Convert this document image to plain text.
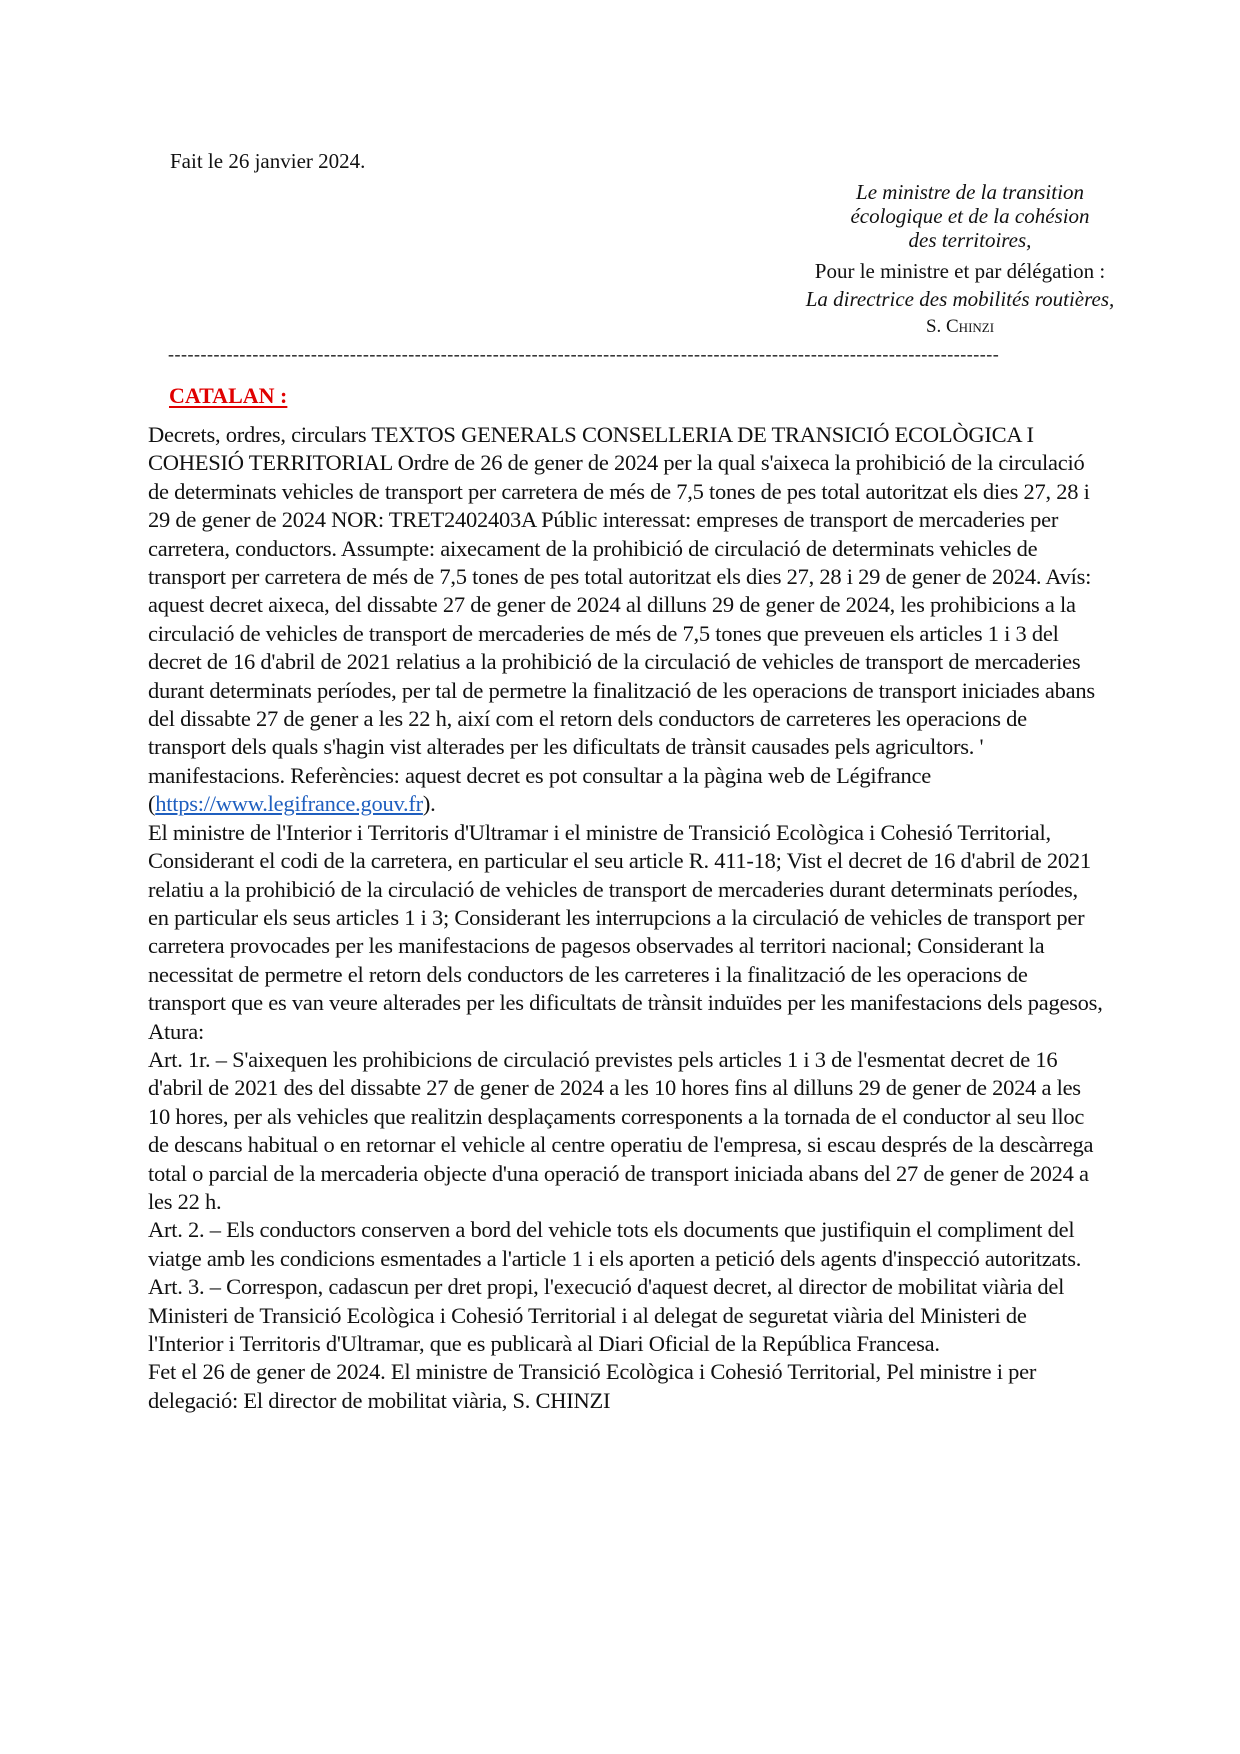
Fait le 26 janvier 2024.
Le ministre de la transition
écologique et de la cohésion
des territoires,
Pour le ministre et par délégation :
La directrice des mobilités routières,
S. Chinzi
--------------------------------------------------------------------------------------------------------------------------------
CATALAN :

Decrets, ordres, circulars TEXTOS GENERALS CONSELLERIA DE TRANSICIÓ ECOLÒGICA I COHESIÓ TERRITORIAL Ordre de 26 de gener de 2024 per la qual s'aixeca la prohibició de la circulació de determinats vehicles de transport per carretera de més de 7,5 tones de pes total autoritzat els dies 27, 28 i 29 de gener de 2024 NOR: TRET2402403A Públic interessat: empreses de transport de mercaderies per carretera, conductors. Assumpte: aixecament de la prohibició de circulació de determinats vehicles de transport per carretera de més de 7,5 tones de pes total autoritzat els dies 27, 28 i 29 de gener de 2024. Avís: aquest decret aixeca, del dissabte 27 de gener de 2024 al dilluns 29 de gener de 2024, les prohibicions a la circulació de vehicles de transport de mercaderies de més de 7,5 tones que preveuen els articles 1 i 3 del decret de 16 d'abril de 2021 relatius a la prohibició de la circulació de vehicles de transport de mercaderies durant determinats períodes, per tal de permetre la finalització de les operacions de transport iniciades abans del dissabte 27 de gener a les 22 h, així com el retorn dels conductors de carreteres les operacions de transport dels quals s'hagin vist alterades per les dificultats de trànsit causades pels agricultors. ' manifestacions. Referències: aquest decret es pot consultar a la pàgina web de Légifrance (https://www.legifrance.gouv.fr).

El ministre de l'Interior i Territoris d'Ultramar i el ministre de Transició Ecològica i Cohesió Territorial, Considerant el codi de la carretera, en particular el seu article R. 411-18; Vist el decret de 16 d'abril de 2021 relatiu a la prohibició de la circulació de vehicles de transport de mercaderies durant determinats períodes, en particular els seus articles 1 i 3; Considerant les interrupcions a la circulació de vehicles de transport per carretera provocades per les manifestacions de pagesos observades al territori nacional; Considerant la necessitat de permetre el retorn dels conductors de les carreteres i la finalització de les operacions de transport que es van veure alterades per les dificultats de trànsit induïdes per les manifestacions dels pagesos, Atura:

Art. 1r. – S'aixequen les prohibicions de circulació previstes pels articles 1 i 3 de l'esmentat decret de 16 d'abril de 2021 des del dissabte 27 de gener de 2024 a les 10 hores fins al dilluns 29 de gener de 2024 a les 10 hores, per als vehicles que realitzin desplaçaments corresponents a la tornada de el conductor al seu lloc de descans habitual o en retornar el vehicle al centre operatiu de l'empresa, si escau després de la descàrrega total o parcial de la mercaderia objecte d'una operació de transport iniciada abans del 27 de gener de 2024 a les 22 h.

Art. 2. – Els conductors conserven a bord del vehicle tots els documents que justifiquin el compliment del viatge amb les condicions esmentades a l'article 1 i els aporten a petició dels agents d'inspecció autoritzats.

Art. 3. – Correspon, cadascun per dret propi, l'execució d'aquest decret, al director de mobilitat viària del Ministeri de Transició Ecològica i Cohesió Territorial i al delegat de seguretat viària del Ministeri de l'Interior i Territoris d'Ultramar, que es publicarà al Diari Oficial de la República Francesa.

Fet el 26 de gener de 2024. El ministre de Transició Ecològica i Cohesió Territorial, Pel ministre i per delegació: El director de mobilitat viària, S. CHINZI
